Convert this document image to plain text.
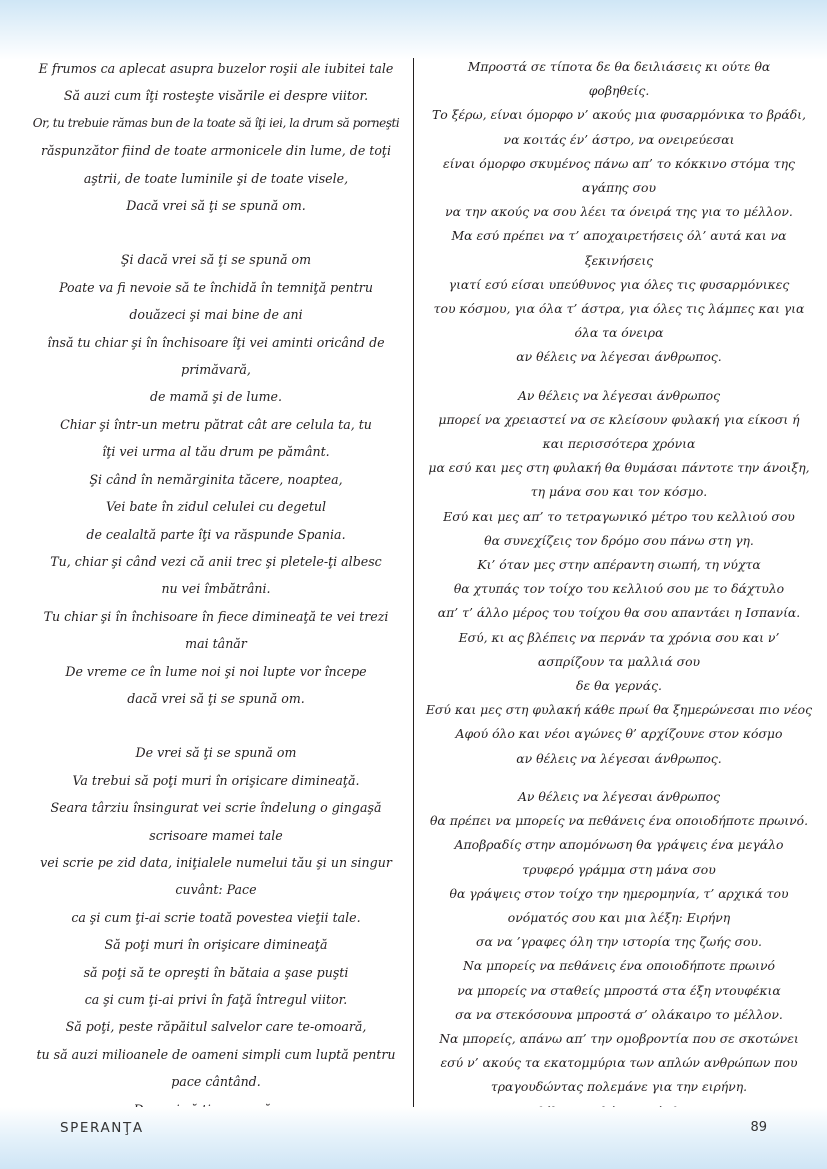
E frumos ca aplecat asupra buzelor roşii ale iubitei tale
Să auzi cum îţi rosteşte visările ei despre viitor.
Or, tu trebuie rămas bun de la toate să îţi iei, la drum să porneşti
răspunzător fiind de toate armonicele din lume, de toţi
aştrii, de toate luminile şi de toate visele,
Dacă vrei să ţi se spună om.
Şi dacă vrei să ţi se spună om
Poate va fi nevoie să te închidă în temniţă pentru
douăzeci şi mai bine de ani
însă tu chiar şi în închisoare îţi vei aminti oricând de
primăvară,
de mamă şi de lume.
Chiar şi într-un metru pătrat cât are celula ta, tu
îţi vei urma al tău drum pe pământ.
Şi când în nemărginita tăcere, noaptea,
Vei bate în zidul celulei cu degetul
de cealaltă parte îţi va răspunde Spania.
Tu, chiar şi când vezi că anii trec şi pletele-ţi albesc
nu vei îmbătrâni.
Tu chiar şi în închisoare în fiece dimineaţă te vei trezi
mai tânăr
De vreme ce în lume noi şi noi lupte vor începe
dacă vrei să ţi se spună om.
De vrei să ţi se spună om
Va trebui să poţi muri în orişicare dimineaţă.
Seara târziu însingurat vei scrie îndelung o gingaşă
scrisoare mamei tale
vei scrie pe zid data, iniţialele numelui tău şi un singur
cuvânt: Pace
ca şi cum ţi-ai scrie toată povestea vieţii tale.
Să poţi muri în orişicare dimineaţă
să poţi să te opreşti în bătaia a şase puşti
ca şi cum ţi-ai privi în faţă întregul viitor.
Să poţi, peste răpăitul salvelor care te-omoară,
tu să auzi milioanele de oameni simpli cum luptă pentru
pace cântând.
Μπροστά σε τίποτα δε θα δειλιάσεις κι ούτε θα
φοβηθείς.
Το ξέρω, είναι όμορφο ν’ ακούς μια φυσαρμόνικα το βράδι,
να κοιτάς έν’ άστρο, να ονειρεύεσαι
είναι όμορφο σκυμένος πάνω απ’ το κόκκινο στόμα της
αγάπης σου
να την ακούς να σου λέει τα όνειρά της για το μέλλον.
Μα εσύ πρέπει να τ’ αποχαιρετήσεις όλ’ αυτά και να
ξεκινήσεις
γιατί εσύ είσαι υπεύθυνος για όλες τις φυσαρμόνικες
του κόσμου, για όλα τ’ άστρα, για όλες τις λάμπες και για
όλα τα όνειρα
αν θέλεις να λέγεσαι άνθρωπος.
Αν θέλεις να λέγεσαι άνθρωπος
μπορεί να χρειαστεί να σε κλείσουν φυλακή για είκοσι ή
και περισσότερα χρόνια
μα εσύ και μες στη φυλακή θα θυμάσαι πάντοτε την άνοιξη,
τη μάνα σου και τον κόσμο.
Εσύ και μες απ’ το τετραγωνικό μέτρο του κελλιού σου
θα συνεχίζεις τον δρόμο σου πάνω στη γη.
Κι’ όταν μες στην απέραντη σιωπή, τη νύχτα
θα χτυπάς τον τοίχο του κελλιού σου με το δάχτυλο
απ’ τ’ άλλο μέρος του τοίχου θα σου απαντάει η Ισπανία.
Εσύ, κι ας βλέπεις να περνάν τα χρόνια σου και ν’
ασπρίζουν τα μαλλιά σου
δε θα γερνάς.
Εσύ και μες στη φυλακή κάθε πρωί θα ξημερώνεσαι πιο νέος
Αφού όλο και νέοι αγώνες θ’ αρχίζουνε στον κόσμο
αν θέλεις να λέγεσαι άνθρωπος.
Αν θέλεις να λέγεσαι άνθρωπος
θα πρέπει να μπορείς να πεθάνεις ένα οποιοδήποτε πρωινό.
Αποβραδίς στην απομόνωση θα γράψεις ένα μεγάλο
τρυφερό γράμμα στη μάνα σου
θα γράψεις στον τοίχο την ημερομηνία, τ’ αρχικά του
ονόματός σου και μια λέξη: Ειρήνη
σα να ’γραφες όλη την ιστορία της ζωής σου.
Να μπορείς να πεθάνεις ένα οποιοδήποτε πρωινό
να μπορείς να σταθείς μπροστά στα έξη ντουφέκια
σα να στεκόσουνα μπροστά σ’ ολάκαιρο το μέλλον.
Να μπορείς, απάνω απ’ την ομοβροντία που σε σκοτώνει
εσύ ν’ ακούς τα εκατομμύρια των απλών ανθρώπων που
τραγουδώντας πολεμάνε για την ειρήνη.
SPERANŢA	89
